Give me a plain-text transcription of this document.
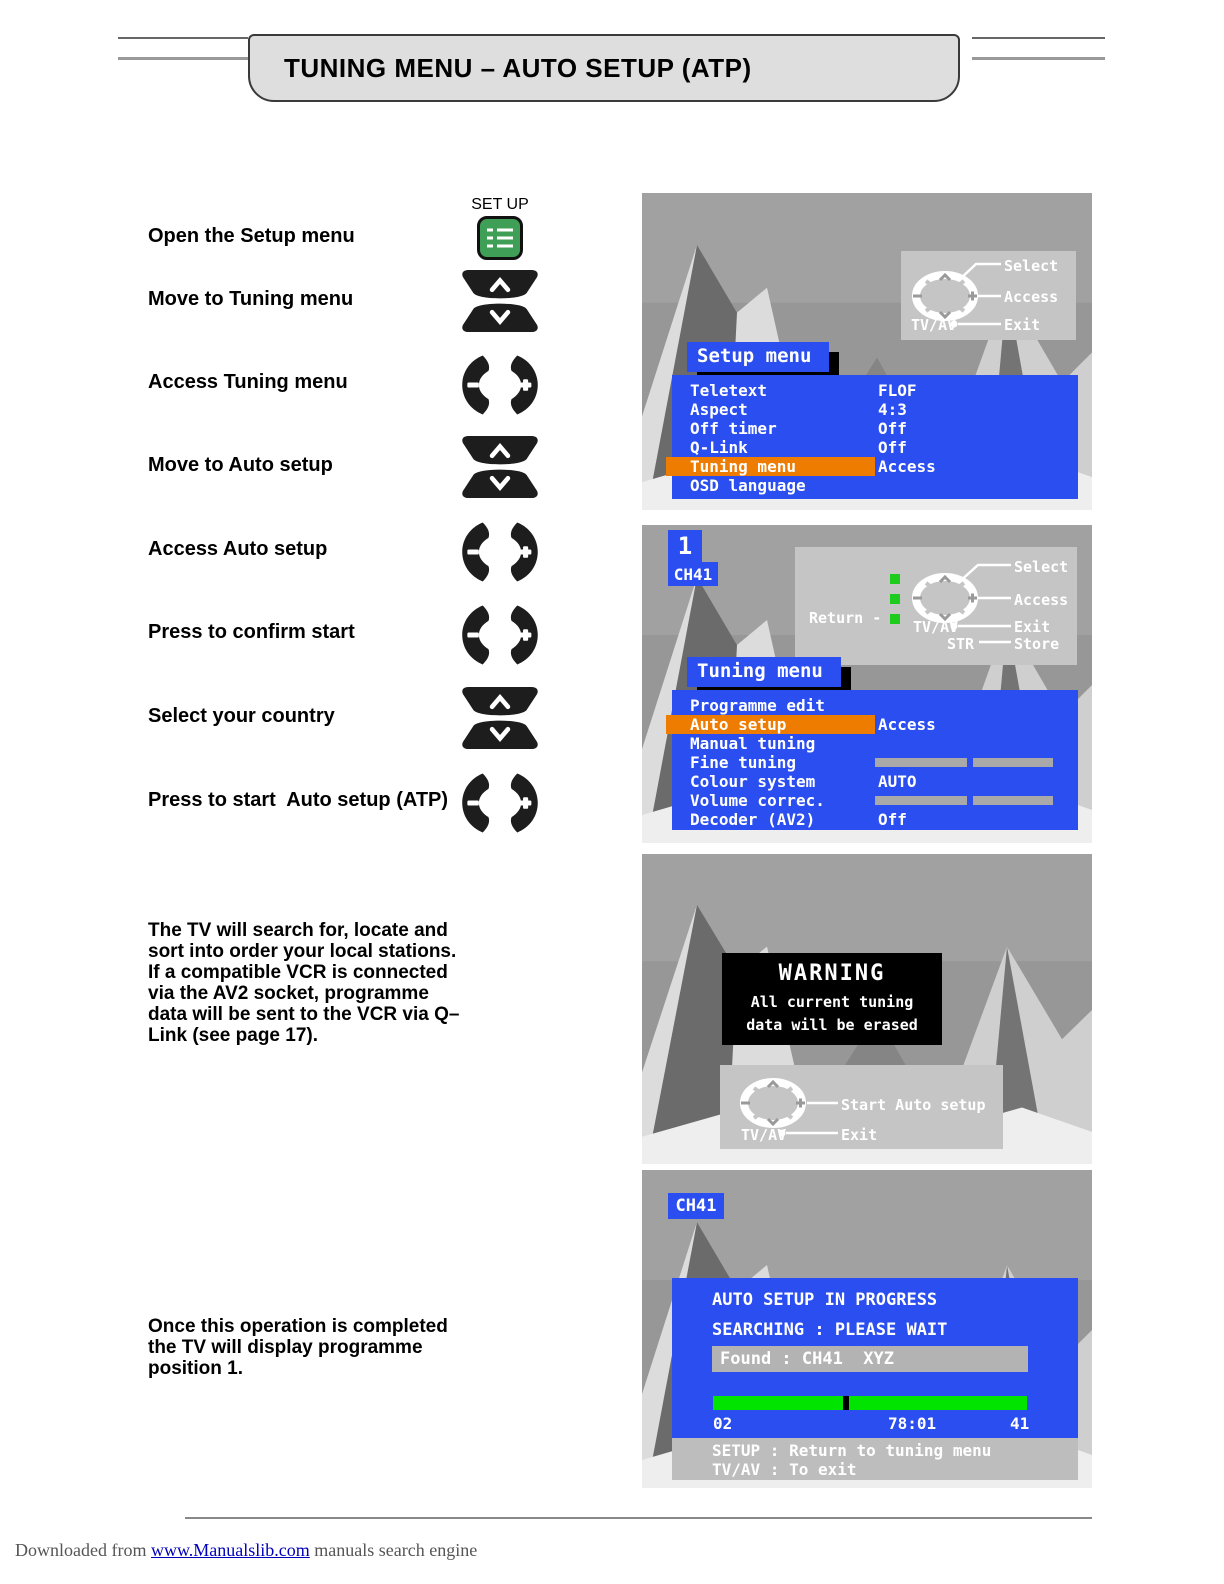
TUNING MENU – AUTO SETUP (ATP)
Open the Setup menu
Move to Tuning menu
Access Tuning menu
Move to Auto setup
Access Auto setup
Press to confirm start
Select your country
Press to start  Auto setup (ATP)
SET UP
The TV will search for, locate and sort into order your local stations. If a compatible VCR is connected via the AV2 socket, programme data will be sent to the VCR via Q–Link (see page 17).
Once this operation is completed the TV will display programme position 1.
Select
Access
Exit
TV/AV
Setup menu
Teletext	FLOF
Aspect	4:3
Off timer	Off
Q-Link	Off
Tuning menu	Access
OSD language
1
CH41
Return -
Select
Access
Exit
Store
TV/AV
STR
Tuning menu
Programme edit
Auto setup	Access
Manual tuning
Fine tuning
Colour system	AUTO
Volume correc.
Decoder (AV2)	Off
WARNING
All current tuning
data will be erased
Start Auto setup
TV/AV	Exit
CH41
AUTO SETUP IN PROGRESS
SEARCHING : PLEASE WAIT
Found : CH41  XYZ
02	78:01	41
SETUP : Return to tuning menu
TV/AV : To exit
Downloaded from www.Manualslib.com manuals search engine
